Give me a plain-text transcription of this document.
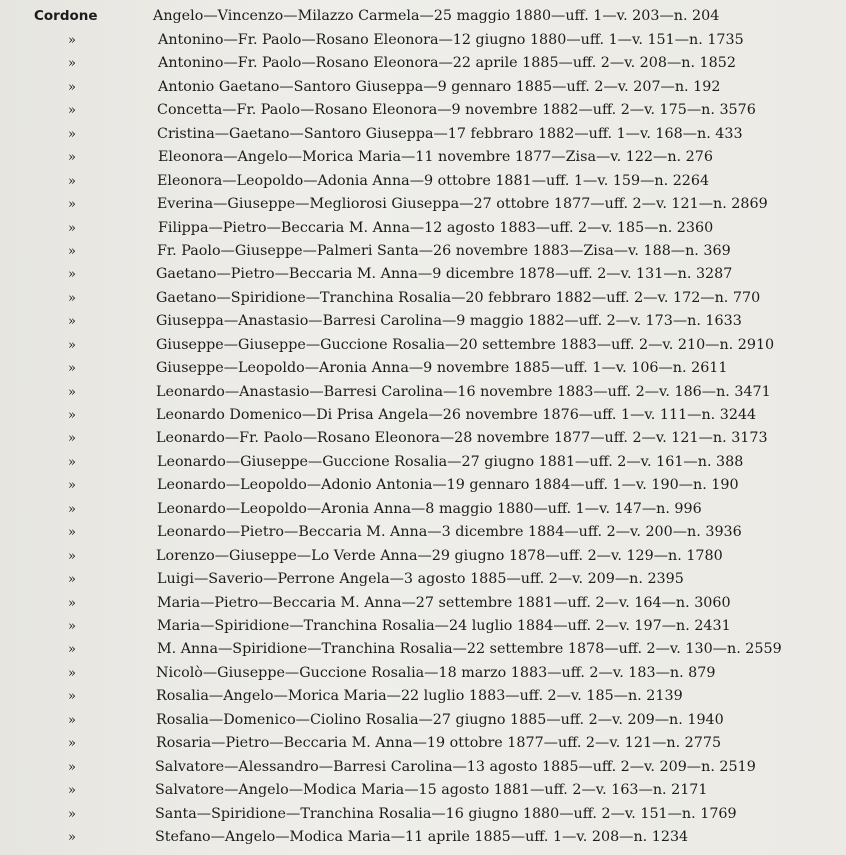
Cordone	Angelo—Vincenzo—Milazzo Carmela—25 maggio 1880—uff. 1—v. 203—n. 204
»	Antonino—Fr. Paolo—Rosano Eleonora—12 giugno 1880—uff. 1—v. 151—n. 1735
»	Antonino—Fr. Paolo—Rosano Eleonora—22 aprile 1885—uff. 2—v. 208—n. 1852
»	Antonio Gaetano—Santoro Giuseppa—9 gennaro 1885—uff. 2—v. 207—n. 192
»	Concetta—Fr. Paolo—Rosano Eleonora—9 novembre 1882—uff. 2—v. 175—n. 3576
»	Cristina—Gaetano—Santoro Giuseppa—17 febbraro 1882—uff. 1—v. 168—n. 433
»	Eleonora—Angelo—Morica Maria—11 novembre 1877—Zisa—v. 122—n. 276
»	Eleonora—Leopoldo—Adonia Anna—9 ottobre 1881—uff. 1—v. 159—n. 2264
»	Everina—Giuseppe—Megliorosi Giuseppa—27 ottobre 1877—uff. 2—v. 121—n. 2869
»	Filippa—Pietro—Beccaria M. Anna—12 agosto 1883—uff. 2—v. 185—n. 2360
»	Fr. Paolo—Giuseppe—Palmeri Santa—26 novembre 1883—Zisa—v. 188—n. 369
»	Gaetano—Pietro—Beccaria M. Anna—9 dicembre 1878—uff. 2—v. 131—n. 3287
»	Gaetano—Spiridione—Tranchina Rosalia—20 febbraro 1882—uff. 2—v. 172—n. 770
»	Giuseppa—Anastasio—Barresi Carolina—9 maggio 1882—uff. 2—v. 173—n. 1633
»	Giuseppe—Giuseppe—Guccione Rosalia—20 settembre 1883—uff. 2—v. 210—n. 2910
»	Giuseppe—Leopoldo—Aronia Anna—9 novembre 1885—uff. 1—v. 106—n. 2611
»	Leonardo—Anastasio—Barresi Carolina—16 novembre 1883—uff. 2—v. 186—n. 3471
»	Leonardo Domenico—Di Prisa Angela—26 novembre 1876—uff. 1—v. 111—n. 3244
»	Leonardo—Fr. Paolo—Rosano Eleonora—28 novembre 1877—uff. 2—v. 121—n. 3173
»	Leonardo—Giuseppe—Guccione Rosalia—27 giugno 1881—uff. 2—v. 161—n. 388
»	Leonardo—Leopoldo—Adonio Antonia—19 gennaro 1884—uff. 1—v. 190—n. 190
»	Leonardo—Leopoldo—Aronia Anna—8 maggio 1880—uff. 1—v. 147—n. 996
»	Leonardo—Pietro—Beccaria M. Anna—3 dicembre 1884—uff. 2—v. 200—n. 3936
»	Lorenzo—Giuseppe—Lo Verde Anna—29 giugno 1878—uff. 2—v. 129—n. 1780
»	Luigi—Saverio—Perrone Angela—3 agosto 1885—uff. 2—v. 209—n. 2395
»	Maria—Pietro—Beccaria M. Anna—27 settembre 1881—uff. 2—v. 164—n. 3060
»	Maria—Spiridione—Tranchina Rosalia—24 luglio 1884—uff. 2—v. 197—n. 2431
»	M. Anna—Spiridione—Tranchina Rosalia—22 settembre 1878—uff. 2—v. 130—n. 2559
»	Nicolò—Giuseppe—Guccione Rosalia—18 marzo 1883—uff. 2—v. 183—n. 879
»	Rosalia—Angelo—Morica Maria—22 luglio 1883—uff. 2—v. 185—n. 2139
»	Rosalia—Domenico—Ciolino Rosalia—27 giugno 1885—uff. 2—v. 209—n. 1940
»	Rosaria—Pietro—Beccaria M. Anna—19 ottobre 1877—uff. 2—v. 121—n. 2775
»	Salvatore—Alessandro—Barresi Carolina—13 agosto 1885—uff. 2—v. 209—n. 2519
»	Salvatore—Angelo—Modica Maria—15 agosto 1881—uff. 2—v. 163—n. 2171
»	Santa—Spiridione—Tranchina Rosalia—16 giugno 1880—uff. 2—v. 151—n. 1769
»	Stefano—Angelo—Modica Maria—11 aprile 1885—uff. 1—v. 208—n. 1234
